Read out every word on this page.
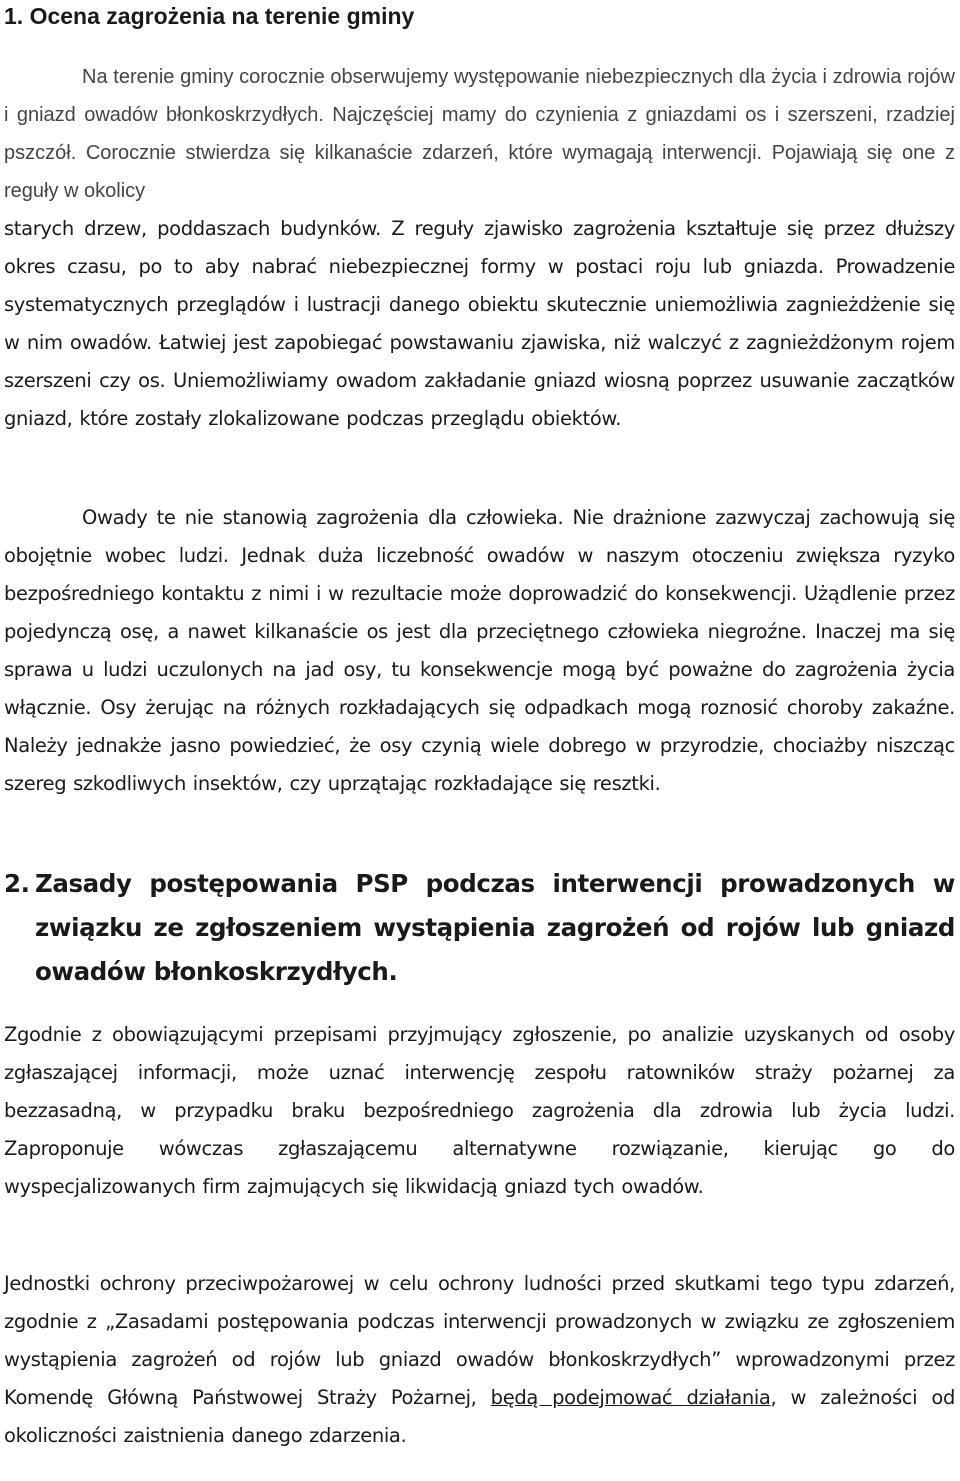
1. Ocena zagrożenia na terenie gminy

Na terenie gminy corocznie obserwujemy występowanie niebezpiecznych dla życia i zdrowia rojów i gniazd owadów błonkoskrzydłych. Najczęściej mamy do czynienia z gniazdami os i szerszeni, rzadziej pszczół. Corocznie stwierdza się kilkanaście zdarzeń, które wymagają interwencji. Pojawiają się one z reguły w okolicy

starych drzew, poddaszach budynków. Z reguły zjawisko zagrożenia kształtuje się przez dłuższy okres czasu, po to aby nabrać niebezpiecznej formy w postaci roju lub gniazda. Prowadzenie systematycznych przeglądów i lustracji danego obiektu skutecznie uniemożliwia zagnieżdżenie się w nim owadów. Łatwiej jest zapobiegać powstawaniu zjawiska, niż walczyć z zagnieżdżonym rojem szerszeni czy os. Uniemożliwiamy owadom zakładanie gniazd wiosną poprzez usuwanie zaczątków gniazd, które zostały zlokalizowane podczas przeglądu obiektów.

Owady te nie stanowią zagrożenia dla człowieka. Nie drażnione zazwyczaj zachowują się obojętnie wobec ludzi. Jednak duża liczebność owadów w naszym otoczeniu zwiększa ryzyko bezpośredniego kontaktu z nimi i w rezultacie może doprowadzić do konsekwencji. Użądlenie przez pojedynczą osę, a nawet kilkanaście os jest dla przeciętnego człowieka niegroźne. Inaczej ma się sprawa u ludzi uczulonych na jad osy, tu konsekwencje mogą być poważne do zagrożenia życia włącznie. Osy żerując na różnych rozkładających się odpadkach mogą roznosić choroby zakaźne. Należy jednakże jasno powiedzieć, że osy czynią wiele dobrego w przyrodzie, chociażby niszcząc szereg szkodliwych insektów, czy uprzątając rozkładające się resztki.

2. Zasady postępowania PSP podczas interwencji prowadzonych w związku ze zgłoszeniem wystąpienia zagrożeń od rojów lub gniazd owadów błonkoskrzydłych.

Zgodnie z obowiązującymi przepisami przyjmujący zgłoszenie, po analizie uzyskanych od osoby zgłaszającej informacji, może uznać interwencję zespołu ratowników straży pożarnej za bezzasadną, w przypadku braku bezpośredniego zagrożenia dla zdrowia lub życia ludzi. Zaproponuje wówczas zgłaszającemu alternatywne rozwiązanie, kierując go do wyspecjalizowanych firm zajmujących się likwidacją gniazd tych owadów.

Jednostki ochrony przeciwpożarowej w celu ochrony ludności przed skutkami tego typu zdarzeń, zgodnie z „Zasadami postępowania podczas interwencji prowadzonych w związku ze zgłoszeniem wystąpienia zagrożeń od rojów lub gniazd owadów błonkoskrzydłych” wprowadzonymi przez Komendę Główną Państwowej Straży Pożarnej, będą podejmować działania, w zależności od okoliczności zaistnienia danego zdarzenia.
